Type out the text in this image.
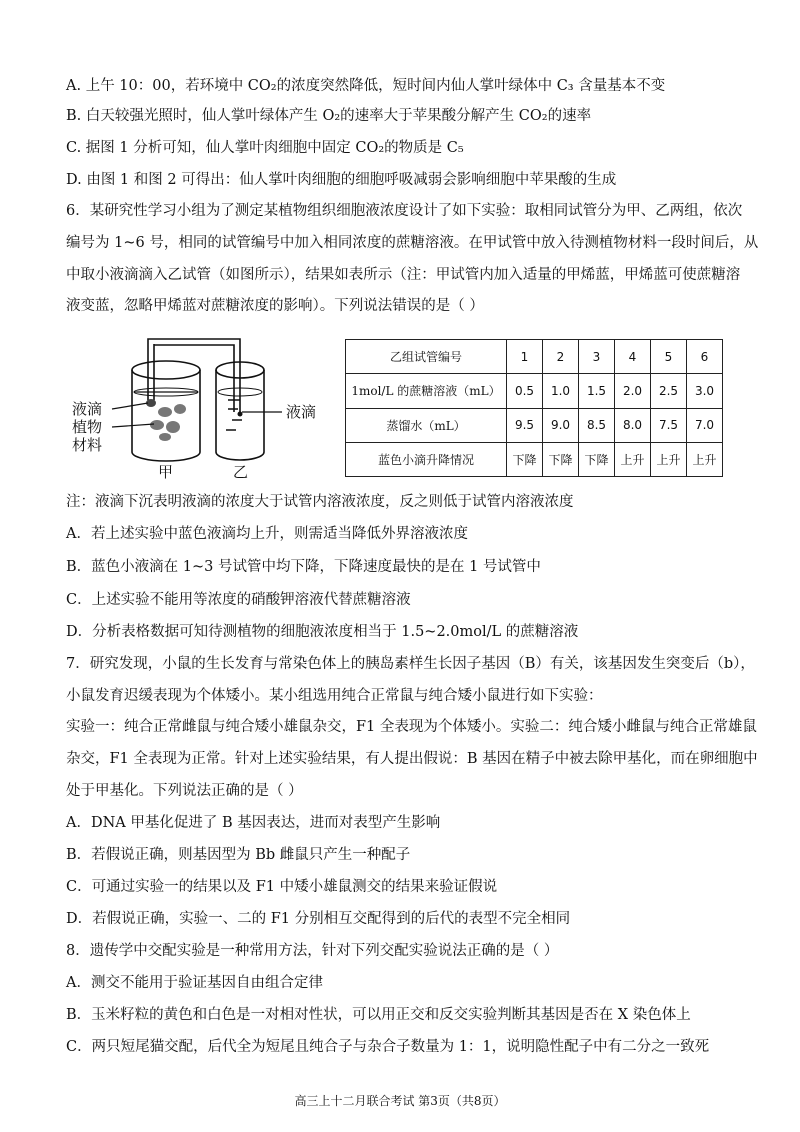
A. 上午 10：00，若环境中 CO₂的浓度突然降低，短时间内仙人掌叶绿体中 C₃ 含量基本不变
B. 白天较强光照时，仙人掌叶绿体产生 O₂的速率大于苹果酸分解产生 CO₂的速率
C. 据图 1 分析可知，仙人掌叶肉细胞中固定 CO₂的物质是 C₅
D. 由图 1 和图 2 可得出：仙人掌叶肉细胞的细胞呼吸减弱会影响细胞中苹果酸的生成
6．某研究性学习小组为了测定某植物组织细胞液浓度设计了如下实验：取相同试管分为甲、乙两组，依次
编号为 1~6 号，相同的试管编号中加入相同浓度的蔗糖溶液。在甲试管中放入待测植物材料一段时间后，从
中取小液滴滴入乙试管（如图所示），结果如表所示（注：甲试管内加入适量的甲烯蓝，甲烯蓝可使蔗糖溶
液变蓝，忽略甲烯蓝对蔗糖浓度的影响）。下列说法错误的是（ ）
液滴
植物
材料
液滴
甲	乙
乙组试管编号	1	2	3	4	5	6
1mol/L 的蔗糖溶液（mL）	0.5	1.0	1.5	2.0	2.5	3.0
蒸馏水（mL）	9.5	9.0	8.5	8.0	7.5	7.0
蓝色小滴升降情况	下降	下降	下降	上升	上升	上升
注：液滴下沉表明液滴的浓度大于试管内溶液浓度，反之则低于试管内溶液浓度
A．若上述实验中蓝色液滴均上升，则需适当降低外界溶液浓度
B．蓝色小液滴在 1~3 号试管中均下降，下降速度最快的是在 1 号试管中
C．上述实验不能用等浓度的硝酸钾溶液代替蔗糖溶液
D．分析表格数据可知待测植物的细胞液浓度相当于 1.5~2.0mol/L 的蔗糖溶液
7．研究发现，小鼠的生长发育与常染色体上的胰岛素样生长因子基因（B）有关，该基因发生突变后（b），
小鼠发育迟缓表现为个体矮小。某小组选用纯合正常鼠与纯合矮小鼠进行如下实验：
实验一：纯合正常雌鼠与纯合矮小雄鼠杂交，F1 全表现为个体矮小。实验二：纯合矮小雌鼠与纯合正常雄鼠
杂交，F1 全表现为正常。针对上述实验结果，有人提出假说：B 基因在精子中被去除甲基化，而在卵细胞中
处于甲基化。下列说法正确的是（ ）
A．DNA 甲基化促进了 B 基因表达，进而对表型产生影响
B．若假说正确，则基因型为 Bb 雌鼠只产生一种配子
C．可通过实验一的结果以及 F1 中矮小雄鼠测交的结果来验证假说
D．若假说正确，实验一、二的 F1 分别相互交配得到的后代的表型不完全相同
8．遗传学中交配实验是一种常用方法，针对下列交配实验说法正确的是（ ）
A．测交不能用于验证基因自由组合定律
B．玉米籽粒的黄色和白色是一对相对性状，可以用正交和反交实验判断其基因是否在 X 染色体上
C．两只短尾猫交配，后代全为短尾且纯合子与杂合子数量为 1：1，说明隐性配子中有二分之一致死
高三上十二月联合考试 第3页（共8页）
